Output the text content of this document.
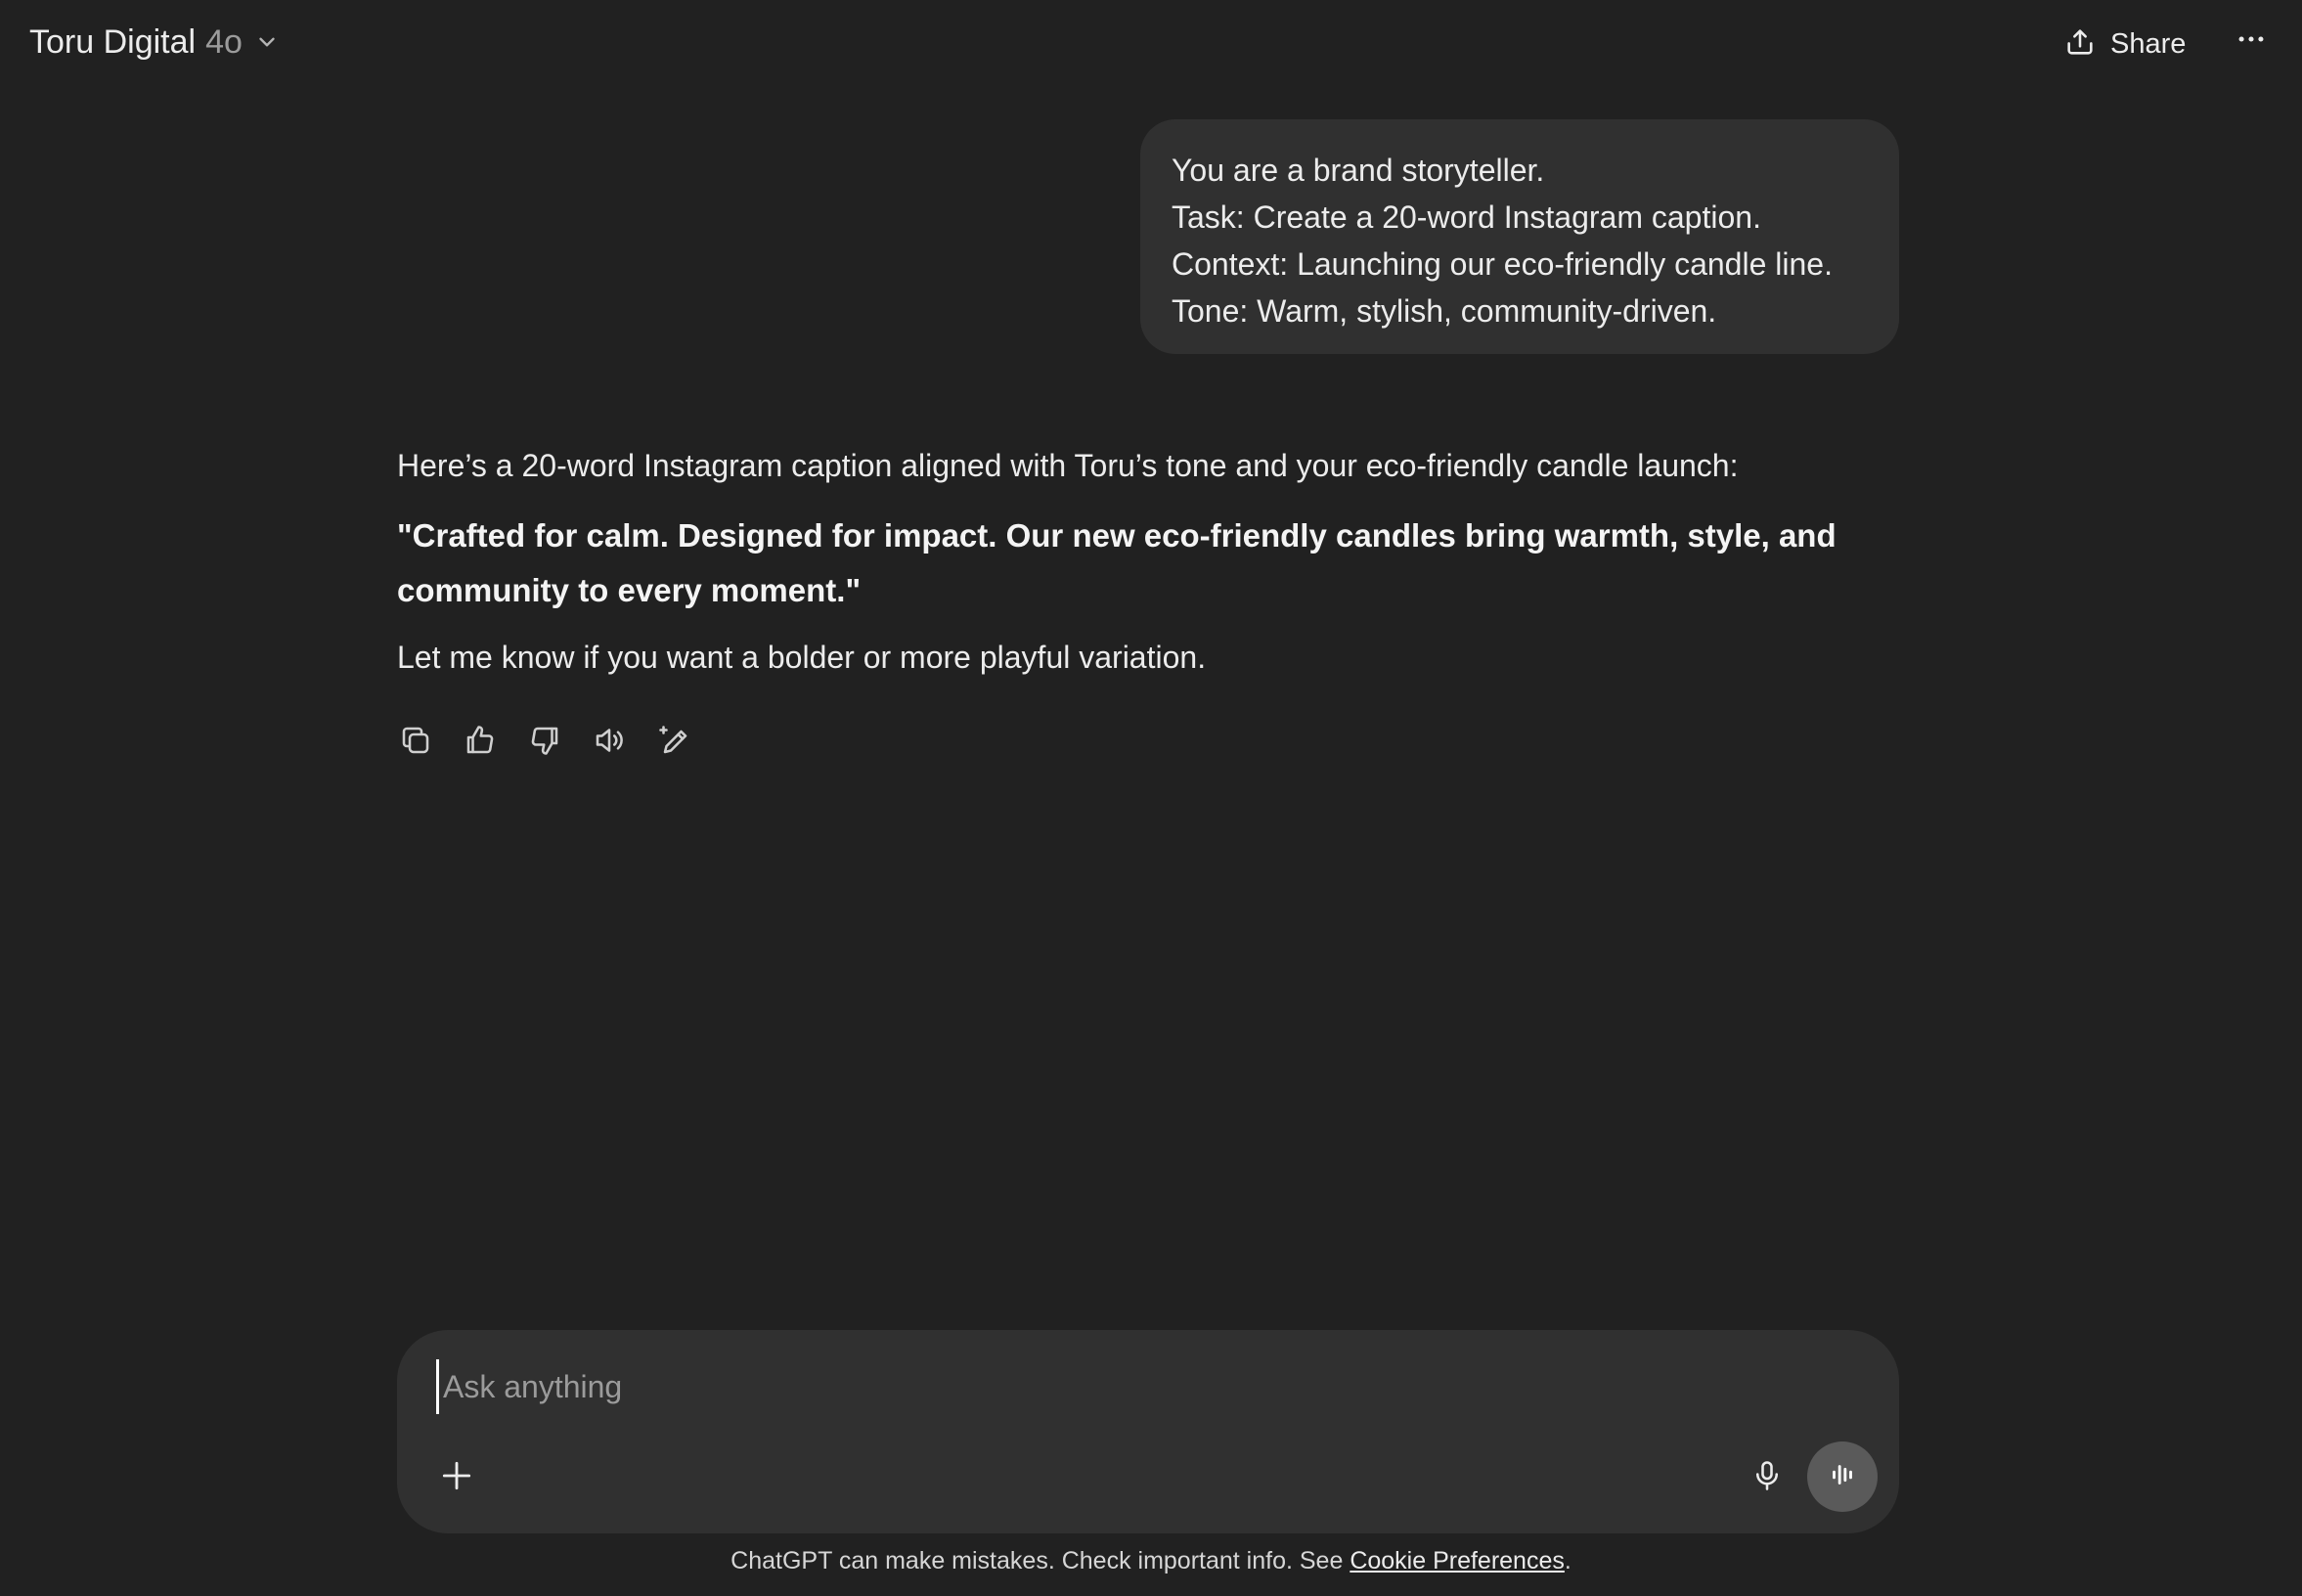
Toru Digital 4o	Share
You are a brand storyteller.
Task: Create a 20-word Instagram caption.
Context: Launching our eco-friendly candle line.
Tone: Warm, stylish, community-driven.

Here’s a 20-word Instagram caption aligned with Toru’s tone and your eco-friendly candle launch:

"Crafted for calm. Designed for impact. Our new eco-friendly candles bring warmth, style, and community to every moment."

Let me know if you want a bolder or more playful variation.

Ask anything
ChatGPT can make mistakes. Check important info. See Cookie Preferences.
